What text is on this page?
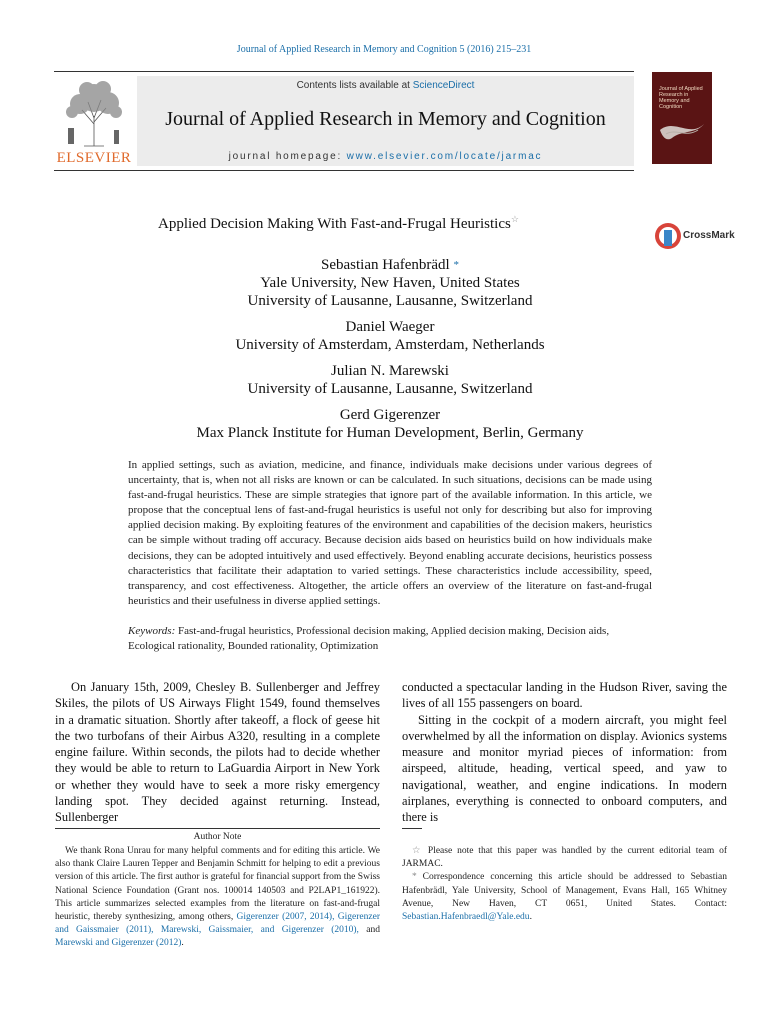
Journal of Applied Research in Memory and Cognition 5 (2016) 215–231
ELSEVIER
Contents lists available at ScienceDirect
Journal of Applied Research in Memory and Cognition
journal homepage: www.elsevier.com/locate/jarmac
Journal of Applied Research in Memory and Cognition
Applied Decision Making With Fast-and-Frugal Heuristics☆
CrossMark
Sebastian Hafenbrädl *
Yale University, New Haven, United States
University of Lausanne, Lausanne, Switzerland
Daniel Waeger
University of Amsterdam, Amsterdam, Netherlands
Julian N. Marewski
University of Lausanne, Lausanne, Switzerland
Gerd Gigerenzer
Max Planck Institute for Human Development, Berlin, Germany
In applied settings, such as aviation, medicine, and finance, individuals make decisions under various degrees of uncertainty, that is, when not all risks are known or can be calculated. In such situations, decisions can be made using fast-and-frugal heuristics. These are simple strategies that ignore part of the available information. In this article, we propose that the conceptual lens of fast-and-frugal heuristics is useful not only for describing but also for improving applied decision making. By exploiting features of the environment and capabilities of the decision makers, heuristics can be simple without trading off accuracy. Because decision aids based on heuristics build on how individuals make decisions, they can be adopted intuitively and used effectively. Beyond enabling accurate decisions, heuristics possess characteristics that facilitate their adaptation to varied settings. These characteristics include accessibility, speed, transparency, and cost effectiveness. Altogether, the article offers an overview of the literature on fast-and-frugal heuristics and their usefulness in diverse applied settings.
Keywords: Fast-and-frugal heuristics, Professional decision making, Applied decision making, Decision aids, Ecological rationality, Bounded rationality, Optimization

On January 15th, 2009, Chesley B. Sullenberger and Jeffrey Skiles, the pilots of US Airways Flight 1549, found themselves in a dramatic situation. Shortly after takeoff, a flock of geese hit the two turbofans of their Airbus A320, resulting in a complete engine failure. Within seconds, the pilots had to decide whether they would be able to return to LaGuardia Airport in New York or whether they would have to seek a more risky emergency landing spot. They decided against returning. Instead, Sullenberger

conducted a spectacular landing in the Hudson River, saving the lives of all 155 passengers on board.

Sitting in the cockpit of a modern aircraft, you might feel overwhelmed by all the information on display. Avionics systems measure and monitor myriad pieces of information: from airspeed, altitude, heading, vertical speed, and yaw to navigational, weather, and engine indications. In modern airplanes, everything is connected to onboard computers, and there is

Author Note

We thank Rona Unrau for many helpful comments and for editing this article. We also thank Claire Lauren Tepper and Benjamin Schmitt for helping to edit a previous version of this article. The first author is grateful for financial support from the Swiss National Science Foundation (Grant nos. 100014 140503 and P2LAP1_161922). This article summarizes selected examples from the literature on fast-and-frugal heuristic, thereby synthesizing, among others, Gigerenzer (2007, 2014), Gigerenzer and Gaissmaier (2011), Marewski, Gaissmaier, and Gigerenzer (2010), and Marewski and Gigerenzer (2012).

☆ Please note that this paper was handled by the current editorial team of JARMAC.

* Correspondence concerning this article should be addressed to Sebastian Hafenbrädl, Yale University, School of Management, Evans Hall, 165 Whitney Avenue, New Haven, CT 0651, United States. Contact: Sebastian.Hafenbraedl@Yale.edu.
